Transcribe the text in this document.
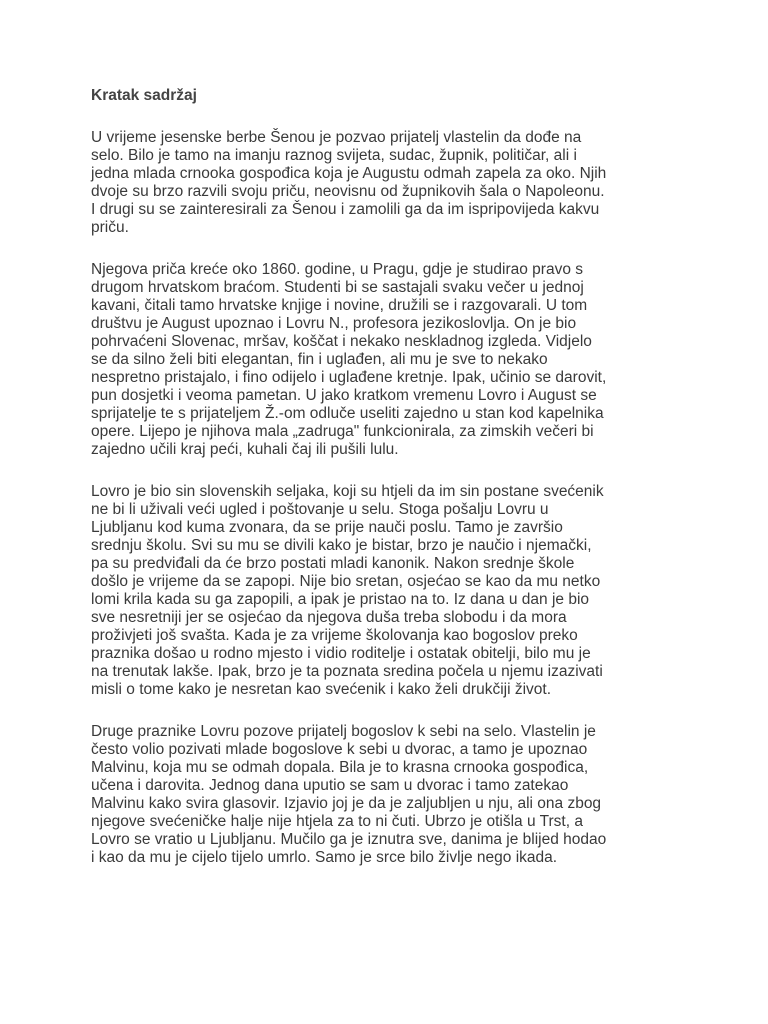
Kratak sadržaj
U vrijeme jesenske berbe Šenou je pozvao prijatelj vlastelin da dođe na
selo. Bilo je tamo na imanju raznog svijeta, sudac, župnik, političar, ali i
jedna mlada crnooka gospođica koja je Augustu odmah zapela za oko. Njih
dvoje su brzo razvili svoju priču, neovisnu od župnikovih šala o Napoleonu.
I drugi su se zainteresirali za Šenou i zamolili ga da im ispripovijeda kakvu
priču.
Njegova priča kreće oko 1860. godine, u Pragu, gdje je studirao pravo s
drugom hrvatskom braćom. Studenti bi se sastajali svaku večer u jednoj
kavani, čitali tamo hrvatske knjige i novine, družili se i razgovarali. U tom
društvu je August upoznao i Lovru N., profesora jezikoslovlja. On je bio
pohrvaćeni Slovenac, mršav, koščat i nekako neskladnog izgleda. Vidjelo
se da silno želi biti elegantan, fin i uglađen, ali mu je sve to nekako
nespretno pristajalo, i fino odijelo i uglađene kretnje. Ipak, učinio se darovit,
pun dosjetki i veoma pametan. U jako kratkom vremenu Lovro i August se
sprijatelje te s prijateljem Ž.-om odluče useliti zajedno u stan kod kapelnika
opere. Lijepo je njihova mala „zadruga" funkcionirala, za zimskih večeri bi
zajedno učili kraj peći, kuhali čaj ili pušili lulu.
Lovro je bio sin slovenskih seljaka, koji su htjeli da im sin postane svećenik
ne bi li uživali veći ugled i poštovanje u selu. Stoga pošalju Lovru u
Ljubljanu kod kuma zvonara, da se prije nauči poslu. Tamo je završio
srednju školu. Svi su mu se divili kako je bistar, brzo je naučio i njemački,
pa su predviđali da će brzo postati mladi kanonik. Nakon srednje škole
došlo je vrijeme da se zapopi. Nije bio sretan, osjećao se kao da mu netko
lomi krila kada su ga zapopili, a ipak je pristao na to. Iz dana u dan je bio
sve nesretniji jer se osjećao da njegova duša treba slobodu i da mora
proživjeti još svašta. Kada je za vrijeme školovanja kao bogoslov preko
praznika došao u rodno mjesto i vidio roditelje i ostatak obitelji, bilo mu je
na trenutak lakše. Ipak, brzo je ta poznata sredina počela u njemu izazivati
misli o tome kako je nesretan kao svećenik i kako želi drukčiji život.
Druge praznike Lovru pozove prijatelj bogoslov k sebi na selo. Vlastelin je
često volio pozivati mlade bogoslove k sebi u dvorac, a tamo je upoznao
Malvinu, koja mu se odmah dopala. Bila je to krasna crnooka gospođica,
učena i darovita. Jednog dana uputio se sam u dvorac i tamo zatekao
Malvinu kako svira glasovir. Izjavio joj je da je zaljubljen u nju, ali ona zbog
njegove svećeničke halje nije htjela za to ni čuti. Ubrzo je otišla u Trst, a
Lovro se vratio u Ljubljanu. Mučilo ga je iznutra sve, danima je blijed hodao
i kao da mu je cijelo tijelo umrlo. Samo je srce bilo življe nego ikada.
